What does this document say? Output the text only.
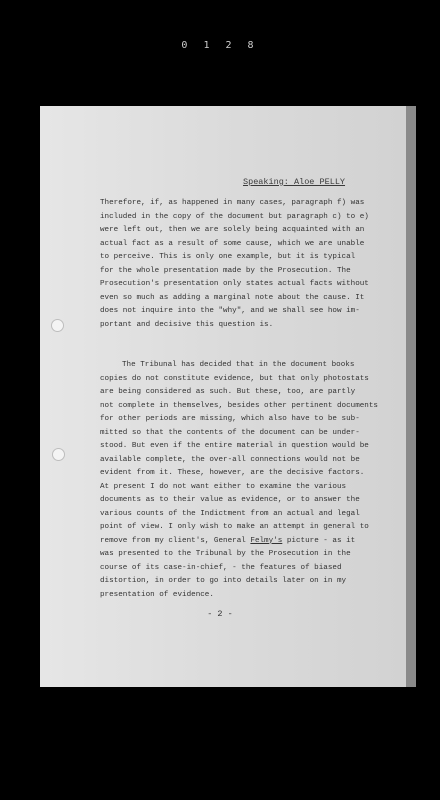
0 1 2 8
Speaking: Aloe PELLY
Therefore, if, as happened in many cases, paragraph f) was
included in the copy of the document but paragraph c) to e)
were left out, then we are solely being acquainted with an
actual fact as a result of some cause, which we are unable
to perceive. This is only one example, but it is typical
for the whole presentation made by the Prosecution. The
Prosecution's presentation only states actual facts without
even so much as adding a marginal note about the cause. It
does not inquire into the "why", and we shall see how im-
portant and decisive this question is.
The Tribunal has decided that in the document books
copies do not constitute evidence, but that only photostats
are being considered as such. But these, too, are partly
not complete in themselves, besides other pertinent documents
for other periods are missing, which also have to be sub-
mitted so that the contents of the document can be under-
stood. But even if the entire material in question would be
available complete, the over-all connections would not be
evident from it. These, however, are the decisive factors.
At present I do not want either to examine the various
documents as to their value as evidence, or to answer the
various counts of the Indictment from an actual and legal
point of view. I only wish to make an attempt in general to
remove from my client's, General Felmy's picture - as it
was presented to the Tribunal by the Prosecution in the
course of its case-in-chief, - the features of biased
distortion, in order to go into details later on in my
presentation of evidence.
- 2 -
